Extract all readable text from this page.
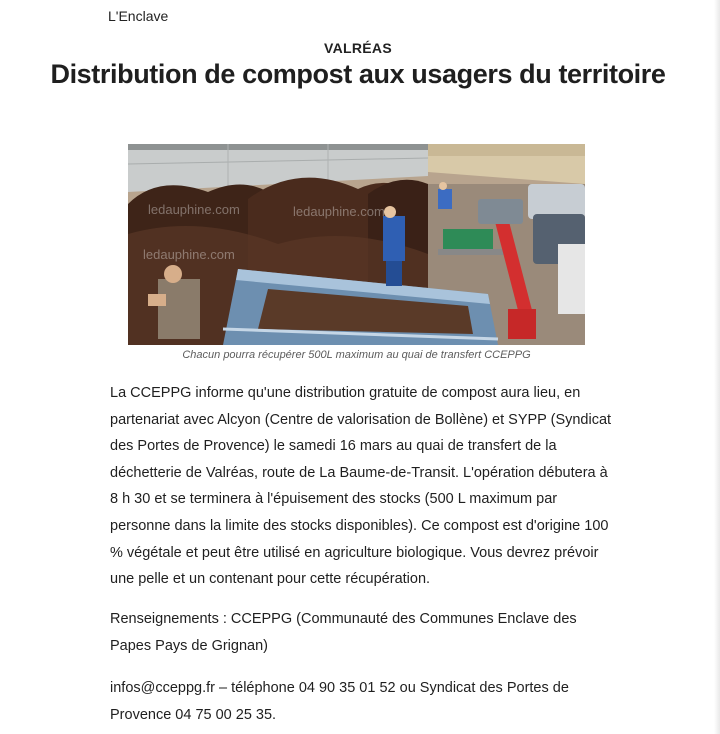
L'Enclave
VALRÉAS
Distribution de compost aux usagers du territoire
ledauphine.com	ledauphine.com
ledauphine.com
Chacun pourra récupérer 500L maximum au quai de transfert CCEPPG

La CCEPPG informe qu'une distribution gratuite de compost aura lieu, en partenariat avec Alcyon (Centre de valorisation de Bollène) et SYPP (Syndicat des Portes de Provence) le samedi 16 mars au quai de transfert de la déchetterie de Valréas, route de La Baume-de-Transit. L'opération débutera à 8 h 30 et se terminera à l'épuisement des stocks (500 L maximum par personne dans la limite des stocks disponibles). Ce compost est d'origine 100 % végétale et peut être utilisé en agriculture biologique. Vous devrez prévoir une pelle et un contenant pour cette récupération.

Renseignements : CCEPPG (Communauté des Communes Enclave des Papes Pays de Grignan)

infos@cceppg.fr – téléphone 04 90 35 01 52 ou Syndicat des Portes de Provence 04 75 00 25 35.
